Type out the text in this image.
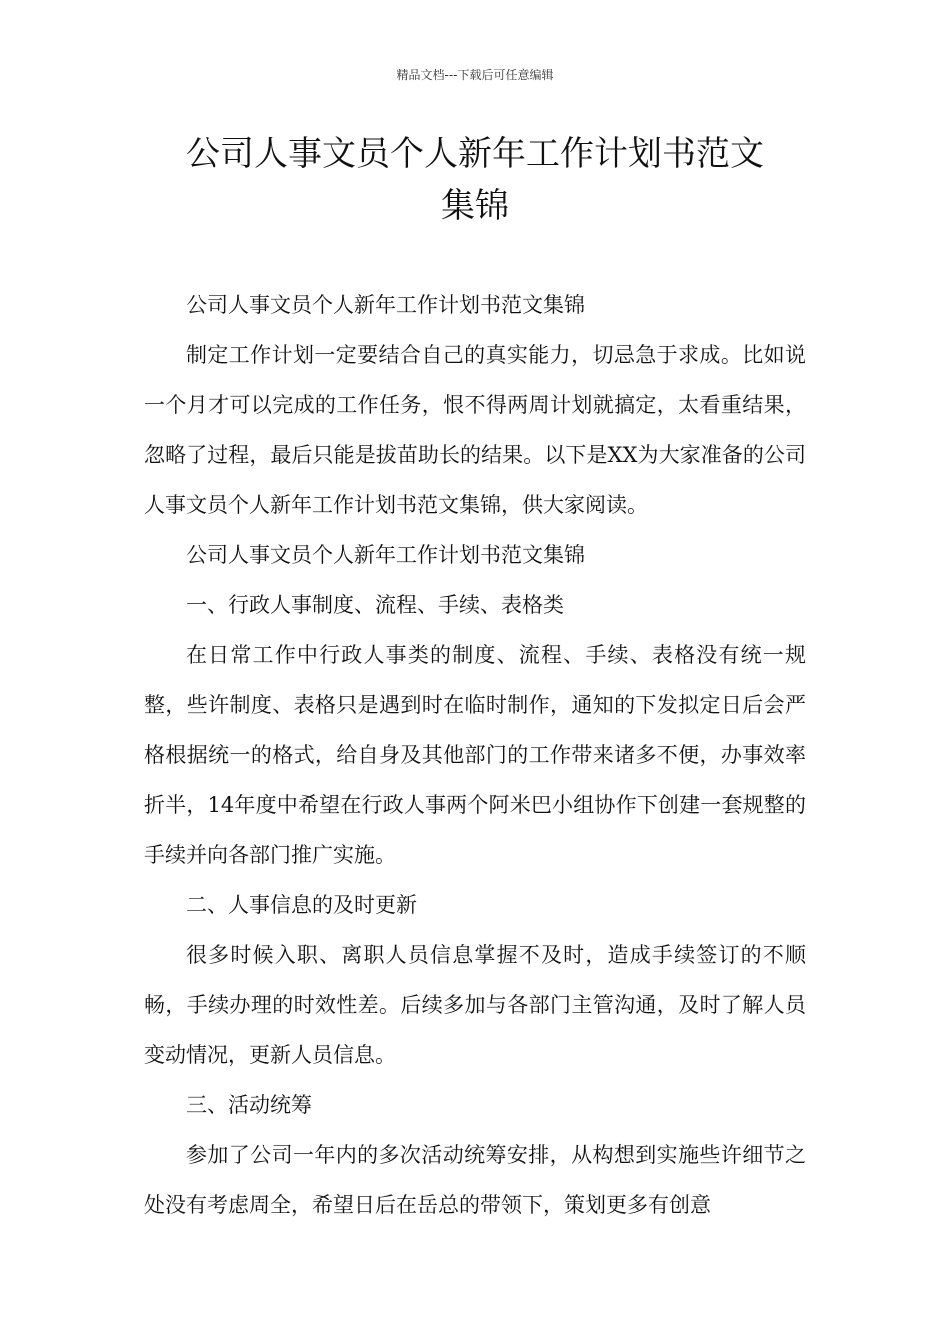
精品文档---下载后可任意编辑
公司人事文员个人新年工作计划书范文
集锦

公司人事文员个人新年工作计划书范文集锦

制定工作计划一定要结合自己的真实能力，切忌急于求成。比如说一个月才可以完成的工作任务，恨不得两周计划就搞定，太看重结果，忽略了过程，最后只能是拔苗助长的结果。以下是XX为大家准备的公司人事文员个人新年工作计划书范文集锦，供大家阅读。

公司人事文员个人新年工作计划书范文集锦

一、行政人事制度、流程、手续、表格类

在日常工作中行政人事类的制度、流程、手续、表格没有统一规整，些许制度、表格只是遇到时在临时制作，通知的下发拟定日后会严格根据统一的格式，给自身及其他部门的工作带来诸多不便，办事效率折半，14年度中希望在行政人事两个阿米巴小组协作下创建一套规整的手续并向各部门推广实施。

二、人事信息的及时更新

很多时候入职、离职人员信息掌握不及时，造成手续签订的不顺畅，手续办理的时效性差。后续多加与各部门主管沟通，及时了解人员变动情况，更新人员信息。

三、活动统筹

参加了公司一年内的多次活动统筹安排，从构想到实施些许细节之处没有考虑周全，希望日后在岳总的带领下，策划更多有创意
